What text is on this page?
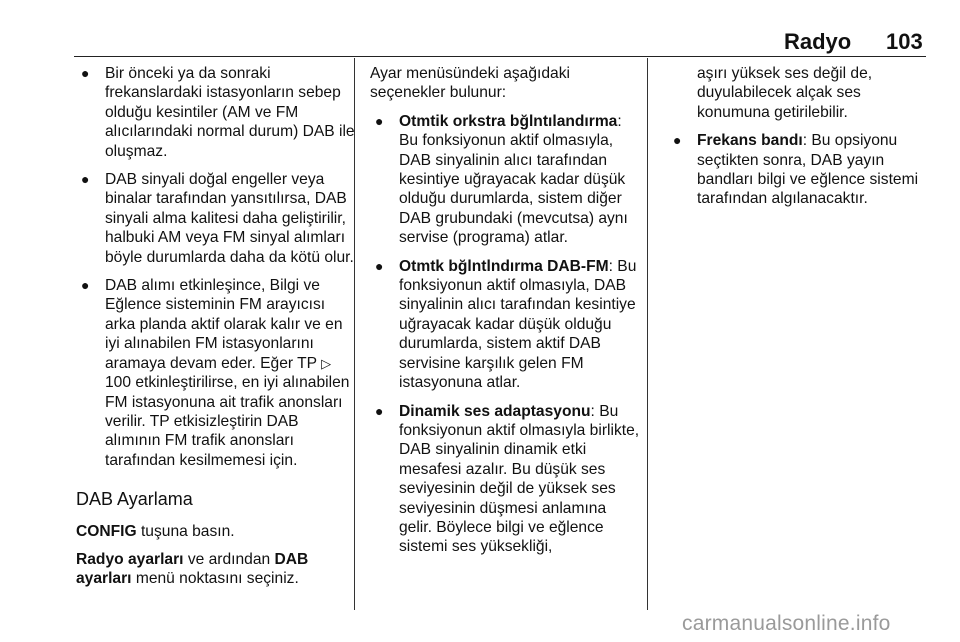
Radyo 103
● Bir önceki ya da sonraki frekanslardaki istasyonların sebep olduğu kesintiler (AM ve FM alıcılarındaki normal durum) DAB ile oluşmaz.
● DAB sinyali doğal engeller veya binalar tarafından yansıtılırsa, DAB sinyali alma kalitesi daha geliştirilir, halbuki AM veya FM sinyal alımları böyle durumlarda daha da kötü olur.
● DAB alımı etkinleşince, Bilgi ve Eğlence sisteminin FM arayıcısı arka planda aktif olarak kalır ve en iyi alınabilen FM istasyonlarını aramaya devam eder. Eğer TP ▷ 100 etkinleştirilirse, en iyi alınabilen FM istasyonuna ait trafik anonsları verilir. TP etkisizleştirin DAB alımının FM trafik anonsları tarafından kesilmemesi için.
DAB Ayarlama

CONFIG tuşuna basın.

Radyo ayarları ve ardından DAB ayarları menü noktasını seçiniz.

Ayar menüsündeki aşağıdaki seçenekler bulunur:

● Otmtik orkstra bğlntılandırma: Bu fonksiyonun aktif olmasıyla, DAB sinyalinin alıcı tarafından kesintiye uğrayacak kadar düşük olduğu durumlarda, sistem diğer DAB grubundaki (mevcutsa) aynı servise (programa) atlar.
● Otmtk bğlntlndırma DAB-FM: Bu fonksiyonun aktif olmasıyla, DAB sinyalinin alıcı tarafından kesintiye uğrayacak kadar düşük olduğu durumlarda, sistem aktif DAB servisine karşılık gelen FM istasyonuna atlar.
● Dinamik ses adaptasyonu: Bu fonksiyonun aktif olmasıyla birlikte, DAB sinyalinin dinamik etki mesafesi azalır. Bu düşük ses seviyesinin değil de yüksek ses seviyesinin düşmesi anlamına gelir. Böylece bilgi ve eğlence sistemi ses yüksekliği,
aşırı yüksek ses değil de, duyulabilecek alçak ses konumuna getirilebilir.
● Frekans bandı: Bu opsiyonu seçtikten sonra, DAB yayın bandları bilgi ve eğlence sistemi tarafından algılanacaktır.
carmanualsonline.info
